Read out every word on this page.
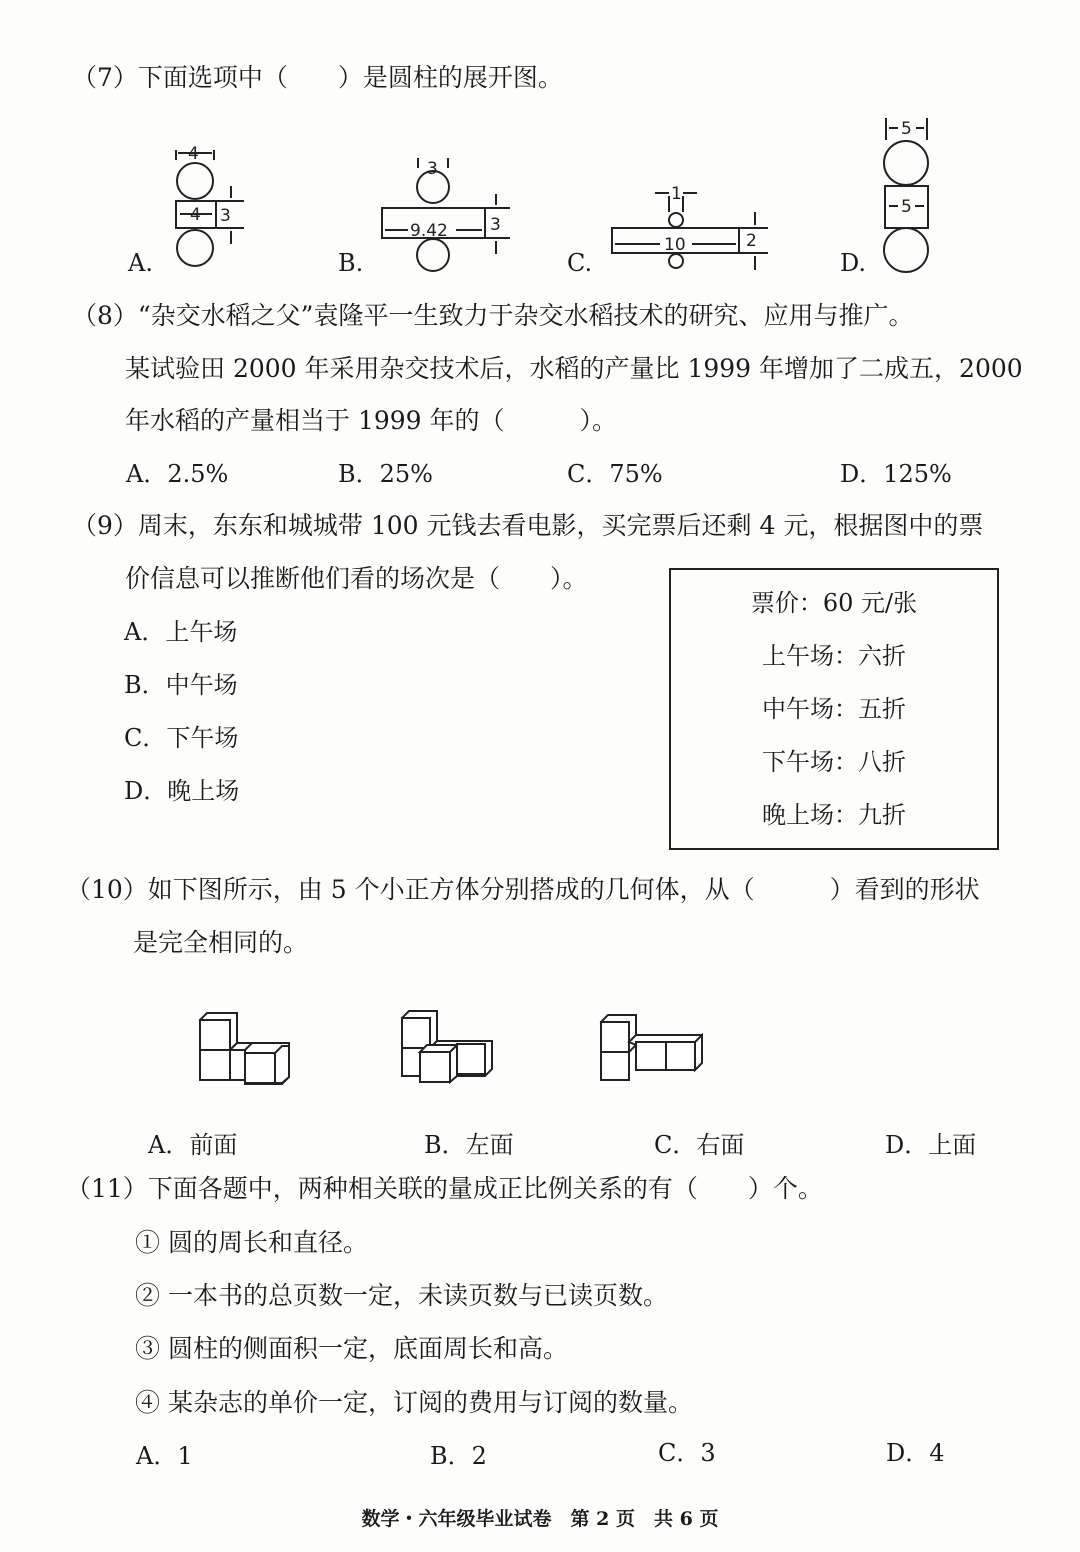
（7）下面选项中（　　）是圆柱的展开图。
4
4 3
3
9.42 3
1
10	2
5
5
A.	B.	C.	D.
（8）“杂交水稻之父”袁隆平一生致力于杂交水稻技术的研究、应用与推广。
某试验田 2000 年采用杂交技术后，水稻的产量比 1999 年增加了二成五，2000
年水稻的产量相当于 1999 年的（　　　）。
A．2.5%	B．25%	C．75%	D．125%
（9）周末，东东和城城带 100 元钱去看电影，买完票后还剩 4 元，根据图中的票
价信息可以推断他们看的场次是（　　）。
A．上午场
B．中午场
C．下午场
D．晚上场
票价：60 元/张
上午场：六折
中午场：五折
下午场：八折
晚上场：九折
（10）如下图所示，由 5 个小正方体分别搭成的几何体，从（　　　）看到的形状
是完全相同的。
A．前面	B．左面	C．右面	D．上面
（11）下面各题中，两种相关联的量成正比例关系的有（　　）个。
① 圆的周长和直径。
② 一本书的总页数一定，未读页数与已读页数。
③ 圆柱的侧面积一定，底面周长和高。
④ 某杂志的单价一定，订阅的费用与订阅的数量。
A．1	B．2	C．3	D．4
数学・六年级毕业试卷　第 2 页　共 6 页
